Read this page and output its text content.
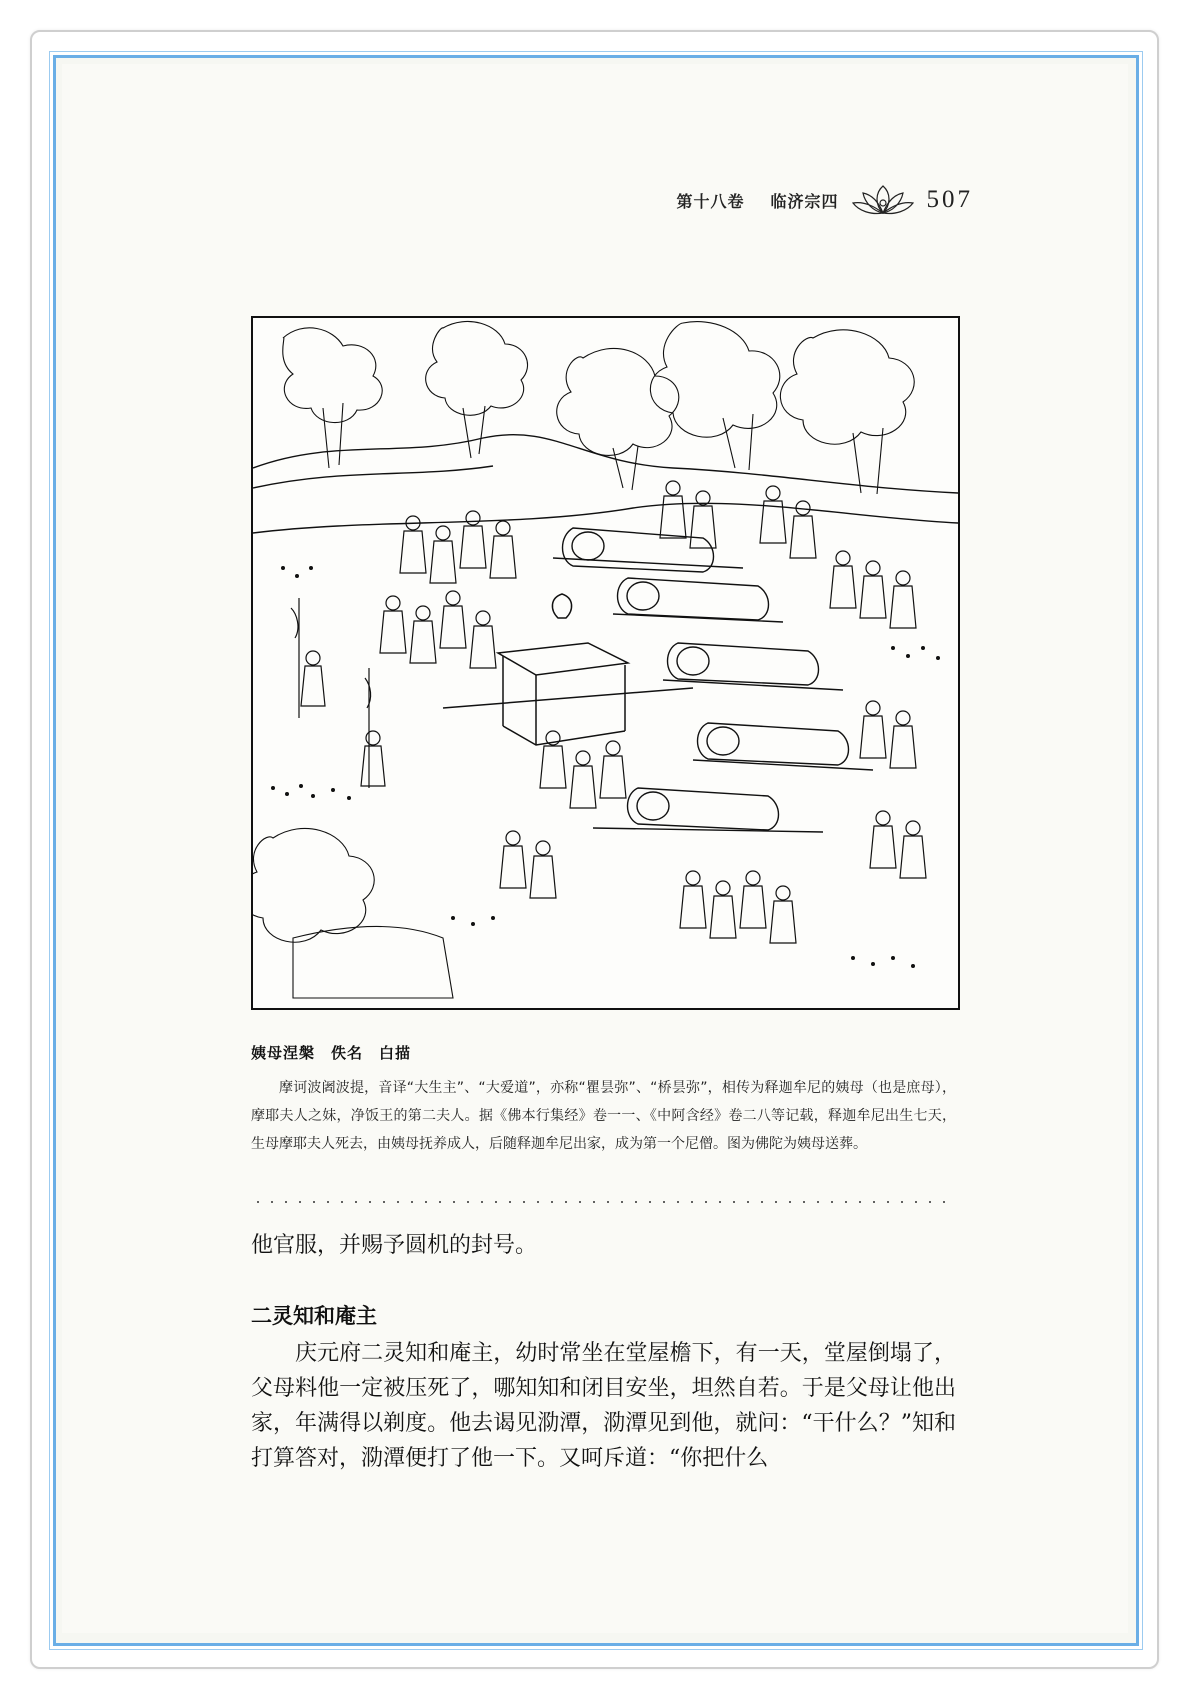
第十八卷 临济宗四	507
姨母涅槃　佚名　白描
摩诃波阇波提，音译“大生主”、“大爱道”，亦称“瞿昙弥”、“桥昙弥”，相传为释迦牟尼的姨母（也是庶母），摩耶夫人之妹，净饭王的第二夫人。据《佛本行集经》卷一一、《中阿含经》卷二八等记载，释迦牟尼出生七天，生母摩耶夫人死去，由姨母抚养成人，后随释迦牟尼出家，成为第一个尼僧。图为佛陀为姨母送葬。
他官服，并赐予圆机的封号。
二灵知和庵主
庆元府二灵知和庵主，幼时常坐在堂屋檐下，有一天，堂屋倒塌了，父母料他一定被压死了，哪知知和闭目安坐，坦然自若。于是父母让他出家，年满得以剃度。他去谒见泐潭，泐潭见到他，就问：“干什么？”知和打算答对，泐潭便打了他一下。又呵斥道：“你把什么
